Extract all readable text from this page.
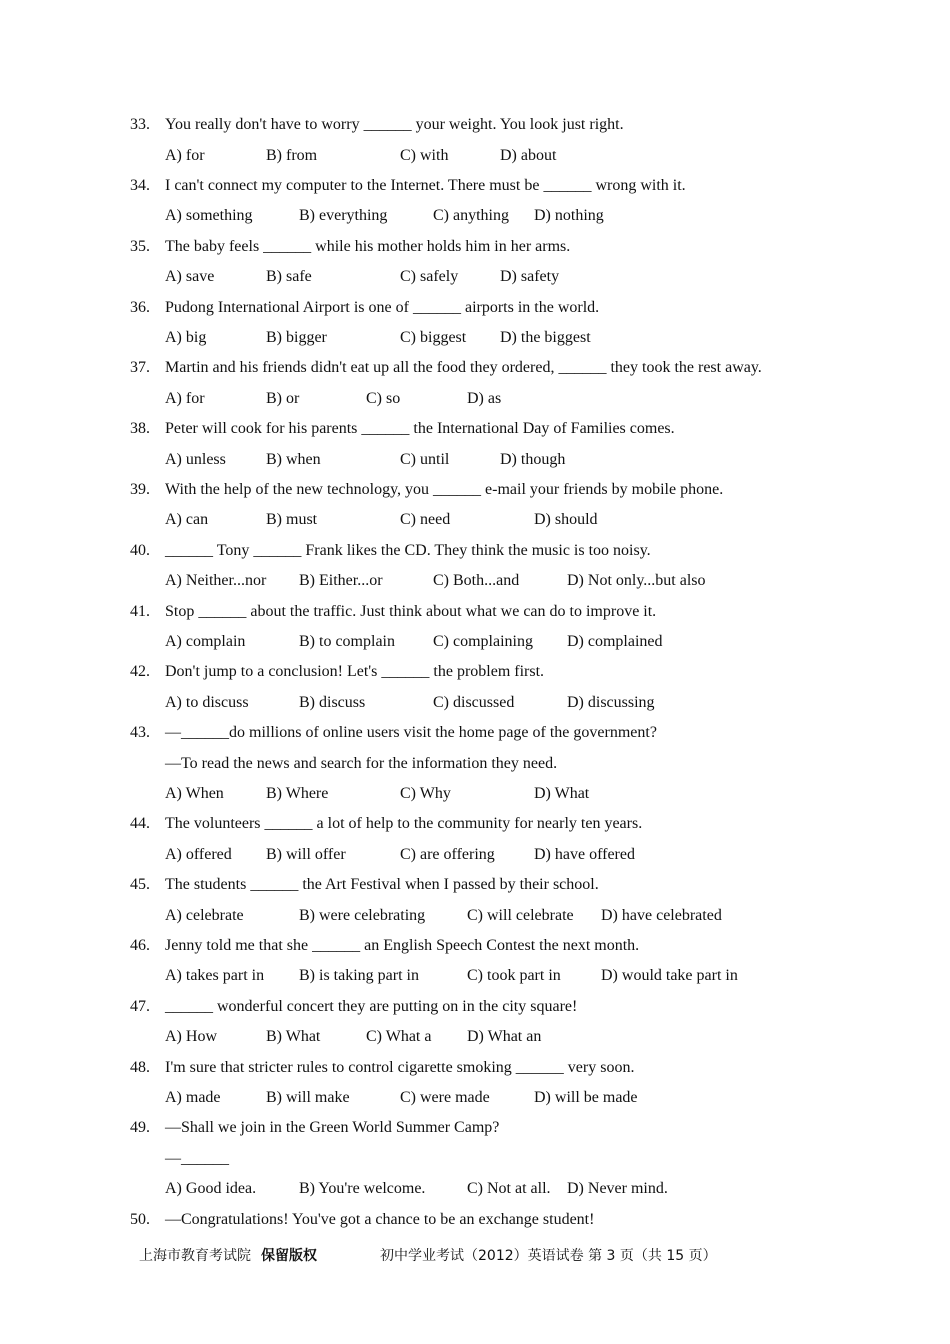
33. You really don't have to worry ______ your weight. You look just right.
A) for	B) from	C) with	D) about
34. I can't connect my computer to the Internet. There must be ______ wrong with it.
A) something	B) everything	C) anything D) nothing
35. The baby feels ______ while his mother holds him in her arms.
A) save	B) safe	C) safely	D) safety
36. Pudong International Airport is one of ______ airports in the world.
A) big	B) bigger	C) biggest D) the biggest
37. Martin and his friends didn't eat up all the food they ordered, ______ they took the rest away.
A) for	B) or	C) so	D) as
38. Peter will cook for his parents ______ the International Day of Families comes.
A) unless	B) when	C) until	D) though
39. With the help of the new technology, you ______ e-mail your friends by mobile phone.
A) can	B) must	C) need	D) should
40. ______ Tony ______ Frank likes the CD. They think the music is too noisy.
A) Neither...nor B) Either...or	C) Both...and	D) Not only...but also
41. Stop ______ about the traffic. Just think about what we can do to improve it.
A) complain	B) to complain C) complaining D) complained
42. Don't jump to a conclusion! Let's ______ the problem first.
A) to discuss	B) discuss	C) discussed	D) discussing
43. —______do millions of online users visit the home page of the government?
—To read the news and search for the information they need.
A) When	B) Where	C) Why	D) What
44. The volunteers ______ a lot of help to the community for nearly ten years.
A) offered B) will offer	C) are offering D) have offered
45. The students ______ the Art Festival when I passed by their school.
A) celebrate	B) were celebrating	C) will celebrate D) have celebrated
46. Jenny told me that she ______ an English Speech Contest the next month.
A) takes part in B) is taking part in	C) took part in	D) would take part in
47. ______ wonderful concert they are putting on in the city square!
A) How	B) What	C) What a D) What an
48. I'm sure that stricter rules to control cigarette smoking ______ very soon.
A) made	B) will make	C) were made	D) will be made
49. —Shall we join in the Green World Summer Camp?
—______
A) Good idea.	B) You're welcome.	C) Not at all. D) Never mind.
50. —Congratulations! You've got a chance to be an exchange student!
上海市教育考试院 保留版权	初中学业考试（2012）英语试卷 第 3 页（共 15 页）
